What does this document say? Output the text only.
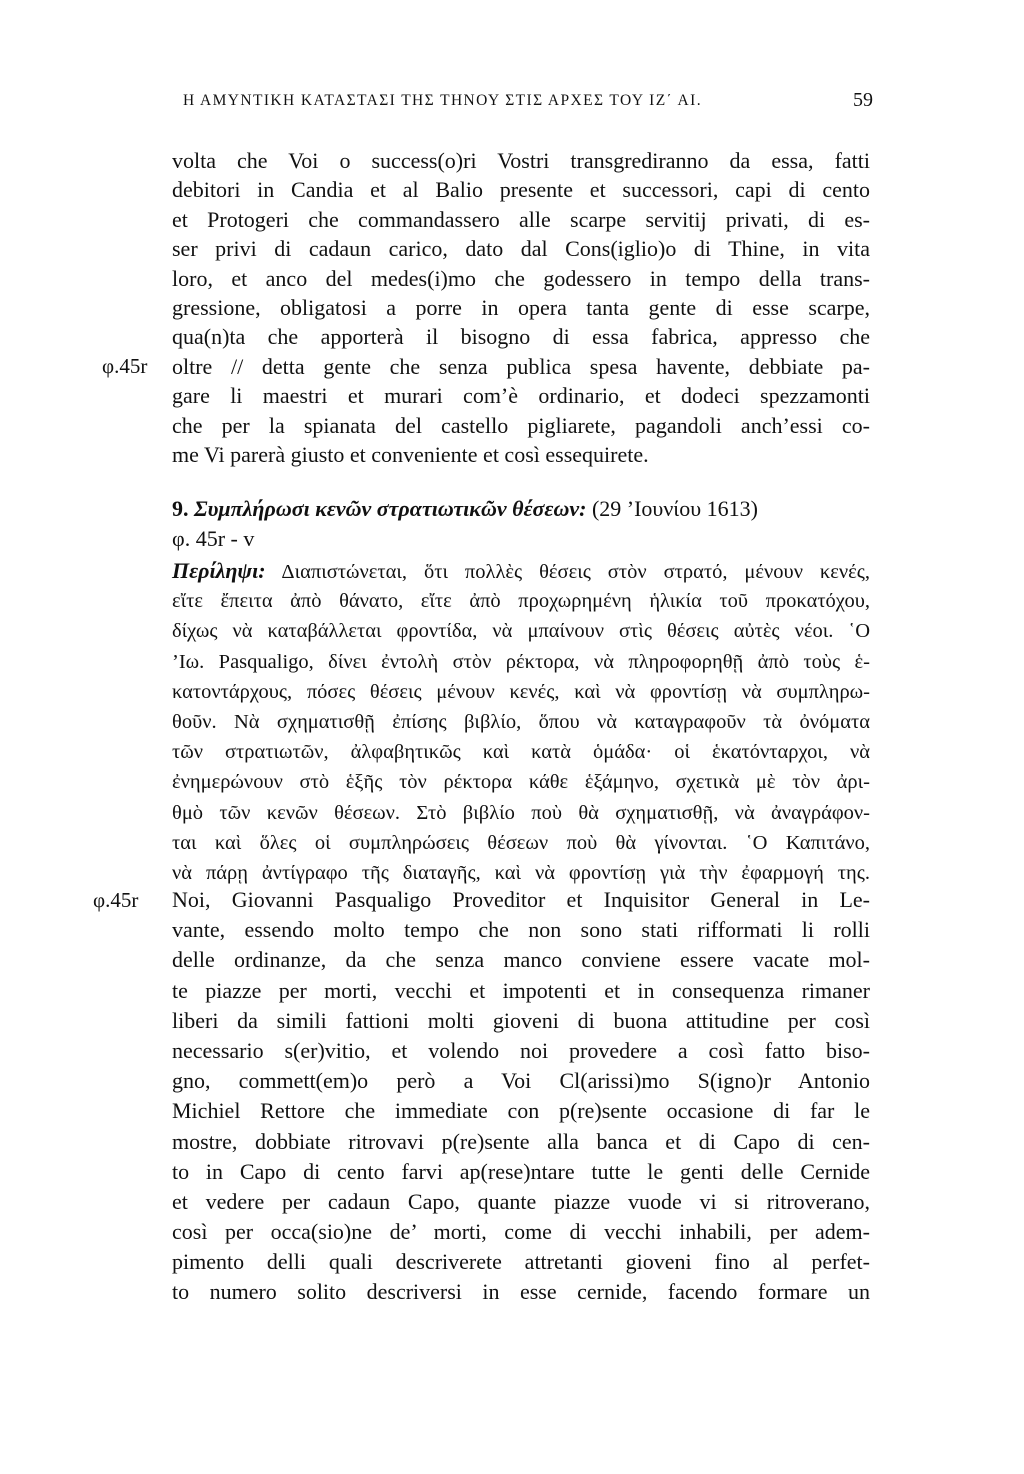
Η ΑΜΥΝΤΙΚΗ ΚΑΤΑΣΤΑΣΙ ΤΗΣ ΤΗΝΟΥ ΣΤΙΣ ΑΡΧΕΣ ΤΟΥ ΙΖ΄ ΑΙ.	59
volta che Voi o success(o)ri Vostri transgrediranno da essa, fatti
debitori in Candia et al Balio presente et successori, capi di cento
et Protogeri che commandassero alle scarpe servitij privati, di es-
ser privi di cadaun carico, dato dal Cons(iglio)o di Thine, in vita
loro, et anco del medes(i)mo che godessero in tempo della trans-
gressione, obligatosi a porre in opera tanta gente di esse scarpe,
qua(n)ta che apporterà il bisogno di essa fabrica, appresso che
φ.45r oltre // detta gente che senza publica spesa havente, debbiate pa-
gare li maestri et murari com’è ordinario, et dodeci spezzamonti
che per la spianata del castello pigliarete, pagandoli anch’essi co-
me Vi parerà giusto et conveniente et così essequirete.
9. Συμπλήρωσι κενῶν στρατιωτικῶν θέσεων: (29 ’Ιουνίου 1613)
φ. 45r - v
Περίληψι: Διαπιστώνεται, ὅτι πολλὲς θέσεις στὸν στρατό, μένουν κενές,
εἴτε ἔπειτα ἀπὸ θάνατο, εἴτε ἀπὸ προχωρημένη ἡλικία τοῦ προκατόχου,
δίχως νὰ καταβάλλεται φροντίδα, νὰ μπαίνουν στὶς θέσεις αὐτὲς νέοι. ῾Ο
’Ιω. Pasqualigo, δίνει ἐντολὴ στὸν ρέκτορα, νὰ πληροφορηθῇ ἀπὸ τοὺς ἑ-
κατοντάρχους, πόσες θέσεις μένουν κενές, καὶ νὰ φροντίσῃ νὰ συμπληρω-
θοῦν. Νὰ σχηματισθῇ ἐπίσης βιβλίο, ὅπου νὰ καταγραφοῦν τὰ ὀνόματα
τῶν στρατιωτῶν, ἀλφαβητικῶς καὶ κατὰ ὁμάδα· οἱ ἑκατόνταρχοι, νὰ
ἐνημερώνουν στὸ ἑξῆς τὸν ρέκτορα κάθε ἑξάμηνο, σχετικὰ μὲ τὸν ἀρι-
θμὸ τῶν κενῶν θέσεων. Στὸ βιβλίο ποὺ θὰ σχηματισθῇ, νὰ ἀναγράφον-
ται καὶ ὅλες οἱ συμπληρώσεις θέσεων ποὺ θὰ γίνονται. ῾Ο Καπιτάνο,
νὰ πάρῃ ἀντίγραφο τῆς διαταγῆς, καὶ νὰ φροντίσῃ γιὰ τὴν ἐφαρμογή της.
φ.45r Noi, Giovanni Pasqualigo Proveditor et Inquisitor General in Le-
vante, essendo molto tempo che non sono stati rifformati li rolli
delle ordinanze, da che senza manco conviene essere vacate mol-
te piazze per morti, vecchi et impotenti et in consequenza rimaner
liberi da simili fattioni molti gioveni di buona attitudine per così
necessario s(er)vitio, et volendo noi provedere a così fatto biso-
gno, commett(em)o però a Voi Cl(arissi)mo S(igno)r Antonio
Michiel Rettore che immediate con p(re)sente occasione di far le
mostre, dobbiate ritrovavi p(re)sente alla banca et di Capo di cen-
to in Capo di cento farvi ap(rese)ntare tutte le genti delle Cernide
et vedere per cadaun Capo, quante piazze vuode vi si ritroverano,
così per occa(sio)ne de’ morti, come di vecchi inhabili, per adem-
pimento delli quali descriverete attretanti gioveni fino al perfet-
to numero solito descriversi in esse cernide, facendo formare un
